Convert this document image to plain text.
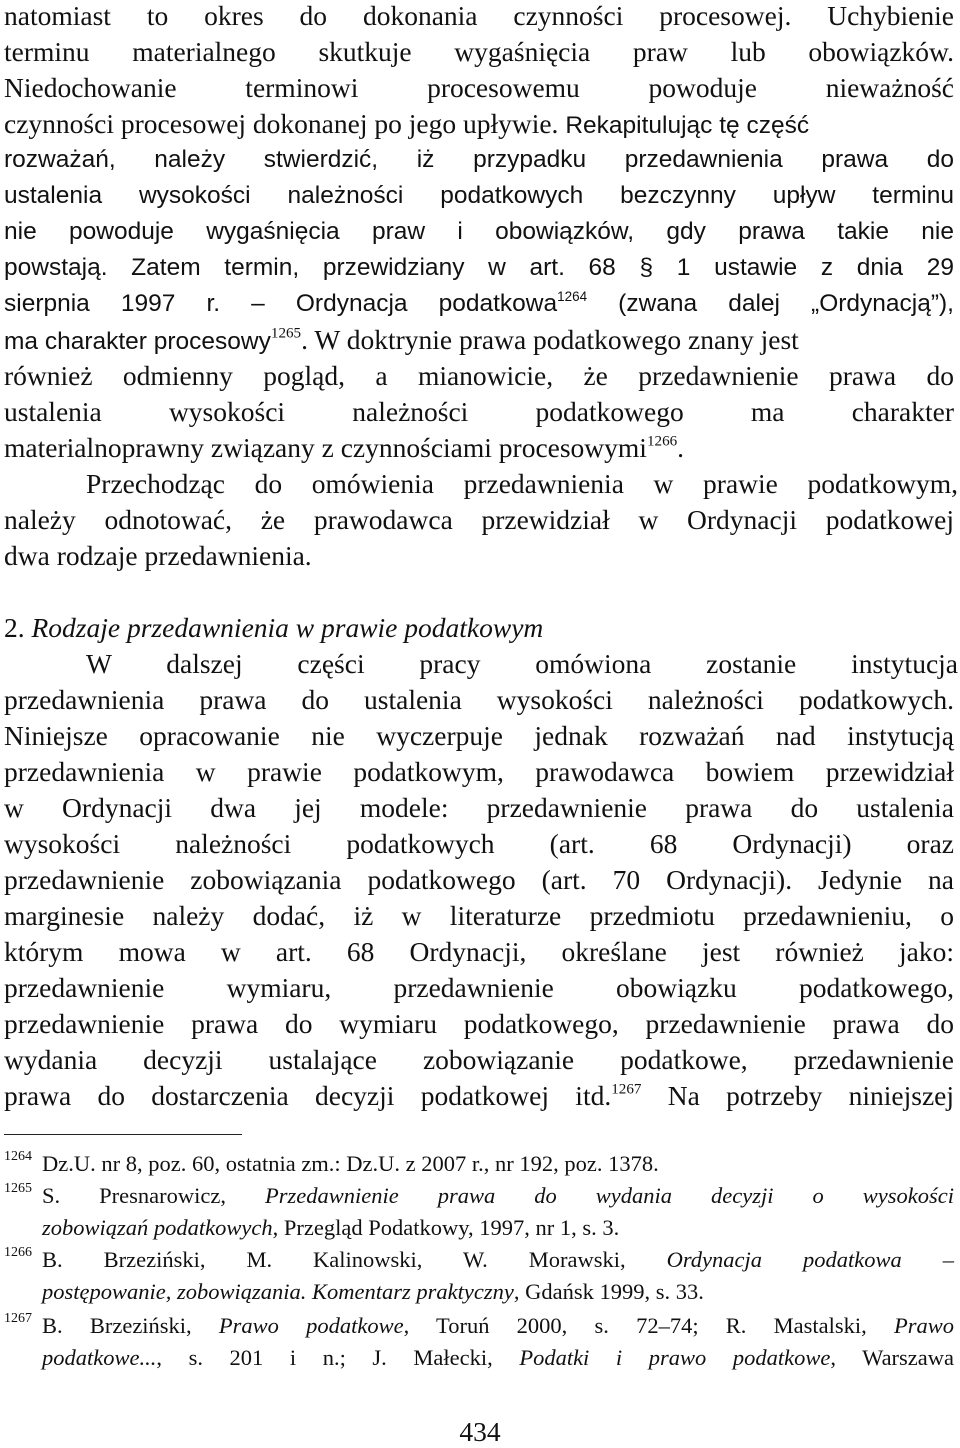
natomiast to okres do dokonania czynności procesowej. Uchybienie
terminu materialnego skutkuje wygaśnięcia praw lub obowiązków.
Niedochowanie terminowi procesowemu powoduje nieważność
czynności procesowej dokonanej po jego upływie. Rekapitulując tę część
rozważań, należy stwierdzić, iż przypadku przedawnienia prawa do
ustalenia wysokości należności podatkowych bezczynny upływ terminu
nie powoduje wygaśnięcia praw i obowiązków, gdy prawa takie nie
powstają. Zatem termin, przewidziany w art. 68 § 1 ustawie z dnia 29
sierpnia 1997 r. – Ordynacja podatkowa$^{1264}$ (zwana dalej „Ordynacją”),
ma charakter procesowy$^{1265}$. W doktrynie prawa podatkowego znany jest
również odmienny pogląd, a mianowicie, że przedawnienie prawa do
ustalenia wysokości należności podatkowego ma charakter
materialnoprawny związany z czynnościami procesowymi$^{1266}$.
Przechodząc do omówienia przedawnienia w prawie podatkowym,
należy odnotować, że prawodawca przewidział w Ordynacji podatkowej
dwa rodzaje przedawnienia.
2. Rodzaje przedawnienia w prawie podatkowym
W dalszej części pracy omówiona zostanie instytucja
przedawnienia prawa do ustalenia wysokości należności podatkowych.
Niniejsze opracowanie nie wyczerpuje jednak rozważań nad instytucją
przedawnienia w prawie podatkowym, prawodawca bowiem przewidział
w Ordynacji dwa jej modele: przedawnienie prawa do ustalenia
wysokości należności podatkowych (art. 68 Ordynacji) oraz
przedawnienie zobowiązania podatkowego (art. 70 Ordynacji). Jedynie na
marginesie należy dodać, iż w literaturze przedmiotu przedawnieniu, o
którym mowa w art. 68 Ordynacji, określane jest również jako:
przedawnienie wymiaru, przedawnienie obowiązku podatkowego,
przedawnienie prawa do wymiaru podatkowego, przedawnienie prawa do
wydania decyzji ustalające zobowiązanie podatkowe, przedawnienie
prawa do dostarczenia decyzji podatkowej itd.$^{1267}$ Na potrzeby niniejszej
1264 Dz.U. nr 8, poz. 60, ostatnia zm.: Dz.U. z 2007 r., nr 192, poz. 1378.
1265 S. Presnarowicz, Przedawnienie prawa do wydania decyzji o wysokości
zobowiązań podatkowych, Przegląd Podatkowy, 1997, nr 1, s. 3.
1266 B. Brzeziński, M. Kalinowski, W. Morawski, Ordynacja podatkowa –
postępowanie, zobowiązania. Komentarz praktyczny, Gdańsk 1999, s. 33.
1267 B. Brzeziński, Prawo podatkowe, Toruń 2000, s. 72–74; R. Mastalski, Prawo
podatkowe..., s. 201 i n.; J. Małecki, Podatki i prawo podatkowe, Warszawa
434
